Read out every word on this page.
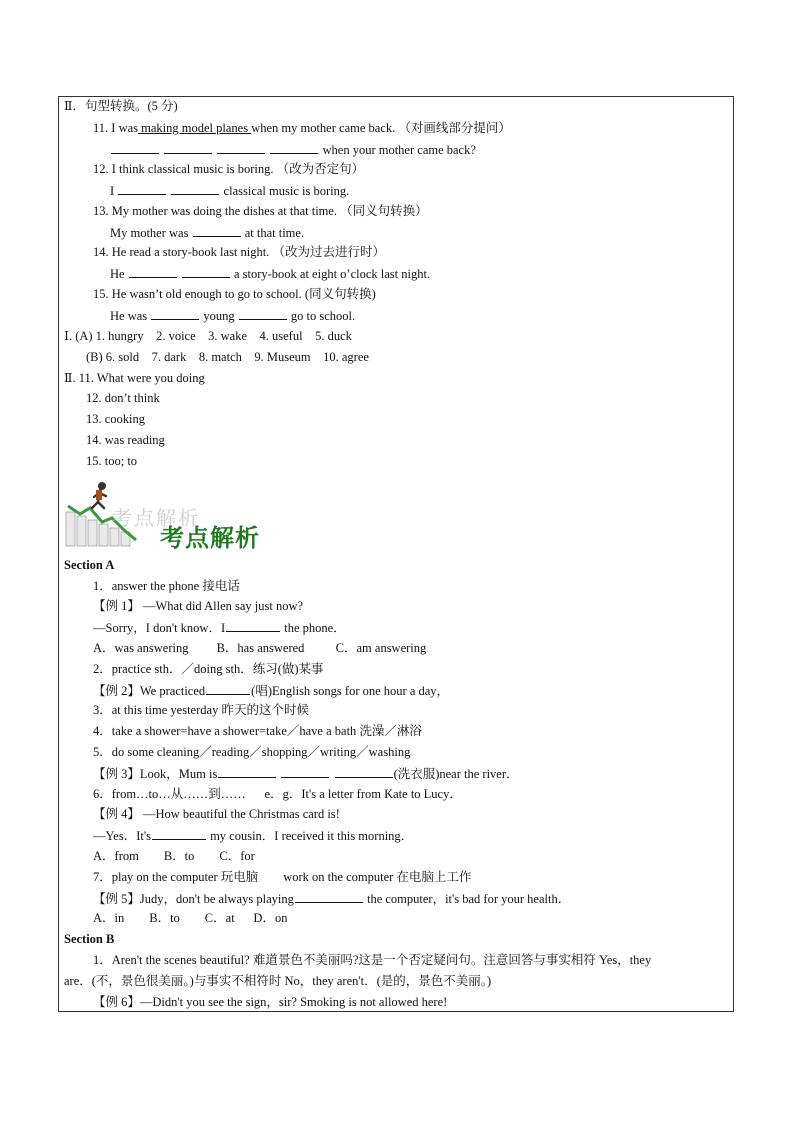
Ⅱ．句型转换。(5 分)
11. I was making model planes when my mother came back. （对画线部分提问）
when your mother came back?
12. I think classical music is boring. （改为否定句）
I	classical music is boring.
13. My mother was doing the dishes at that time. （同义句转换）
My mother was	at that time.
14. He read a story-book last night. （改为过去进行时）
He	a story-book at eight o’clock last night.
15. He wasn’t old enough to go to school. (同义句转换)
He was	young	go to school.
Ⅰ. (A) 1. hungry    2. voice    3. wake    4. useful    5. duck
(B) 6. sold    7. dark    8. match    9. Museum    10. agree
Ⅱ. 11. What were you doing
12. don’t think
13. cooking
14. was reading
15. too; to
考点解析
考点解析
Section A
1．answer the phone 接电话
【例 1】 —What did Allen say just now?
—Sorry，I don't know．I	the phone．
A．was answering         B．has answered          C．am answering
2．practice sth．／doing sth．练习(做)某事
【例 2】We practiced	(唱)English songs for one hour a day，
3．at this time yesterday 昨天的这个时候
4．take a shower=have a shower=take／have a bath 洗澡／淋浴
5．do some cleaning／reading／shopping／writing／washing
【例 3】Look，Mum is	(洗衣服)near the river．
6．from…to…从……到……      e．g．It's a letter from Kate to Lucy．
【例 4】 —How beautiful the Christmas card is!
—Yes．It's	my cousin．I received it this morning．
A．from        B．to        C．for
7．play on the computer 玩电脑        work on the computer 在电脑上工作
【例 5】Judy，don't be always playing	the computer，it's bad for your health．
A．in        B．to        C．at      D．on
Section B
1．Aren't the scenes beautiful? 难道景色不美丽吗?这是一个否定疑问句。注意回答与事实相符 Yes，they
are．(不，景色很美丽。)与事实不相符时 No，they aren't．(是的，景色不美丽。)
【例 6】—Didn't you see the sign，sir? Smoking is not allowed here!
